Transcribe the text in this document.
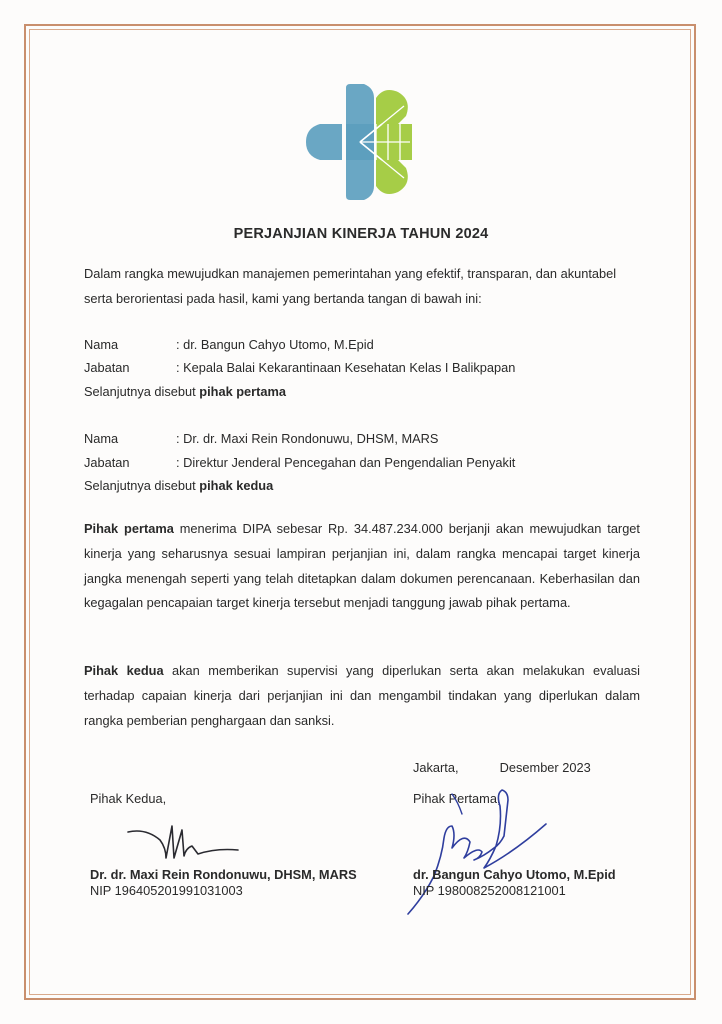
PERJANJIAN KINERJA TAHUN 2024
Dalam rangka mewujudkan manajemen pemerintahan yang efektif, transparan, dan akuntabel serta berorientasi pada hasil, kami yang bertanda tangan di bawah ini:
Nama	: dr. Bangun Cahyo Utomo, M.Epid
Jabatan	: Kepala Balai Kekarantinaan Kesehatan Kelas I Balikpapan
Selanjutnya disebut pihak pertama
Nama	: Dr. dr. Maxi Rein Rondonuwu, DHSM, MARS
Jabatan	: Direktur Jenderal Pencegahan dan Pengendalian Penyakit
Selanjutnya disebut pihak kedua
Pihak pertama menerima DIPA sebesar Rp. 34.487.234.000 berjanji akan mewujudkan target kinerja yang seharusnya sesuai lampiran perjanjian ini, dalam rangka mencapai target kinerja jangka menengah seperti yang telah ditetapkan dalam dokumen perencanaan. Keberhasilan dan kegagalan pencapaian target kinerja tersebut menjadi tanggung jawab pihak pertama.
Pihak kedua akan memberikan supervisi yang diperlukan serta akan melakukan evaluasi terhadap capaian kinerja dari perjanjian ini dan mengambil tindakan yang diperlukan dalam rangka pemberian penghargaan dan sanksi.
Jakarta,	Desember 2023
Pihak Kedua,
Dr. dr. Maxi Rein Rondonuwu, DHSM, MARS
NIP 196405201991031003
Pihak Pertama,
dr. Bangun Cahyo Utomo, M.Epid
NIP 198008252008121001
